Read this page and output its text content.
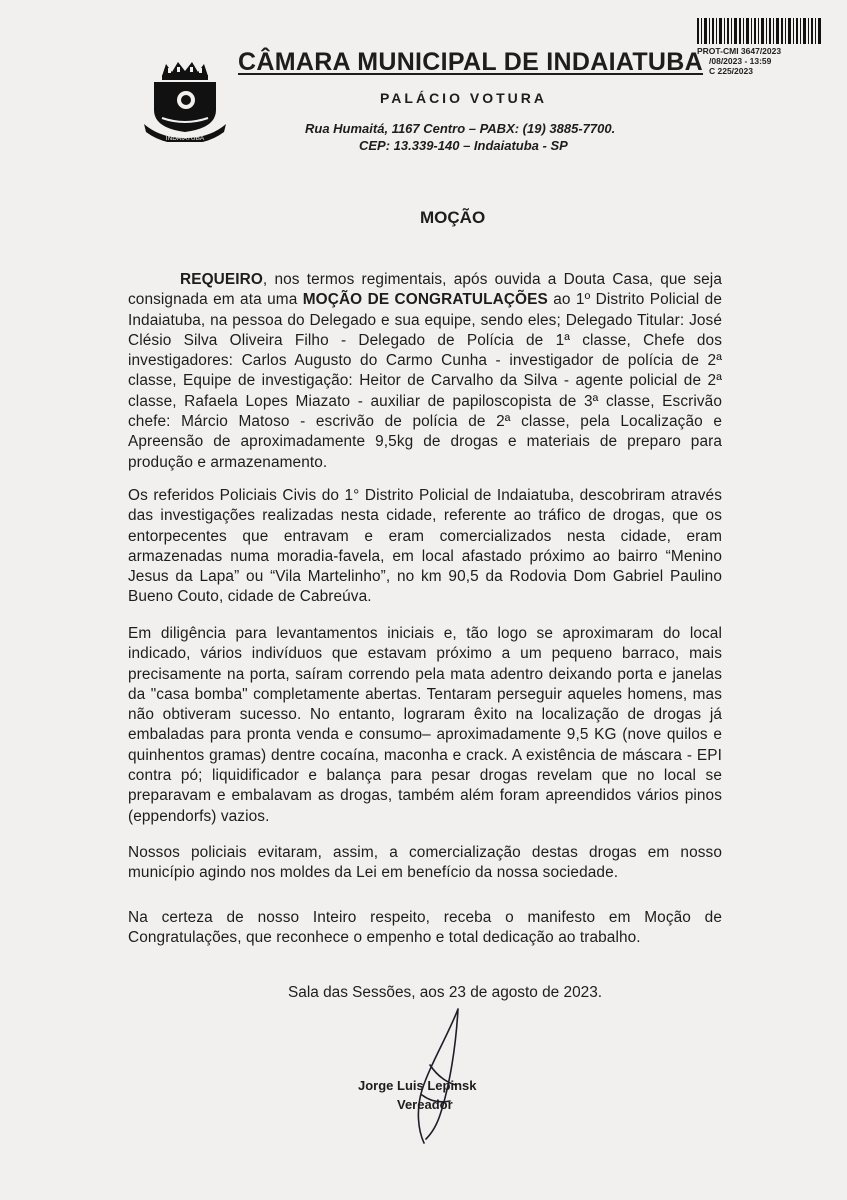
PROT-CMI 3647/2023
/08/2023 - 13:59
C 225/2023
INDAIATUBA
CÂMARA MUNICIPAL DE INDAIATUBA
PALÁCIO VOTURA
Rua Humaitá, 1167 Centro – PABX: (19) 3885-7700.
CEP: 13.339-140 – Indaiatuba - SP
MOÇÃO
REQUEIRO, nos termos regimentais, após ouvida a Douta Casa, que seja consignada em ata uma MOÇÃO DE CONGRATULAÇÕES ao 1º Distrito Policial de Indaiatuba, na pessoa do Delegado e sua equipe, sendo eles; Delegado Titular: José Clésio Silva Oliveira Filho - Delegado de Polícia de 1ª classe, Chefe dos investigadores: Carlos Augusto do Carmo Cunha - investigador de polícia de 2ª classe, Equipe de investigação: Heitor de Carvalho da Silva - agente policial de 2ª classe, Rafaela Lopes Miazato - auxiliar de papiloscopista de 3ª classe, Escrivão chefe: Márcio Matoso - escrivão de polícia de 2ª classe, pela Localização e Apreensão de aproximadamente 9,5kg de drogas e materiais de preparo para produção e armazenamento.
Os referidos Policiais Civis do 1° Distrito Policial de Indaiatuba, descobriram através das investigações realizadas nesta cidade, referente ao tráfico de drogas, que os entorpecentes que entravam e eram comercializados nesta cidade, eram armazenadas numa moradia-favela, em local afastado próximo ao bairro “Menino Jesus da Lapa” ou “Vila Martelinho”, no km 90,5 da Rodovia Dom Gabriel Paulino Bueno Couto, cidade de Cabreúva.
Em diligência para levantamentos iniciais e, tão logo se aproximaram do local indicado, vários indivíduos que estavam próximo a um pequeno barraco, mais precisamente na porta, saíram correndo pela mata adentro deixando porta e janelas da "casa bomba" completamente abertas. Tentaram perseguir aqueles homens, mas não obtiveram sucesso. No entanto, lograram êxito na localização de drogas já embaladas para pronta venda e consumo– aproximadamente 9,5 KG (nove quilos e quinhentos gramas) dentre cocaína, maconha e crack. A existência de máscara - EPI contra pó; liquidificador e balança para pesar drogas revelam que no local se preparavam e embalavam as drogas, também além foram apreendidos vários pinos (eppendorfs) vazios.
Nossos policiais evitaram, assim, a comercialização destas drogas em nosso município agindo nos moldes da Lei em benefício da nossa sociedade.
Na certeza de nosso Inteiro respeito, receba o manifesto em Moção de Congratulações, que reconhece o empenho e total dedicação ao trabalho.
Sala das Sessões, aos 23 de agosto de 2023.
Jorge Luis Lepinsk
Vereador
